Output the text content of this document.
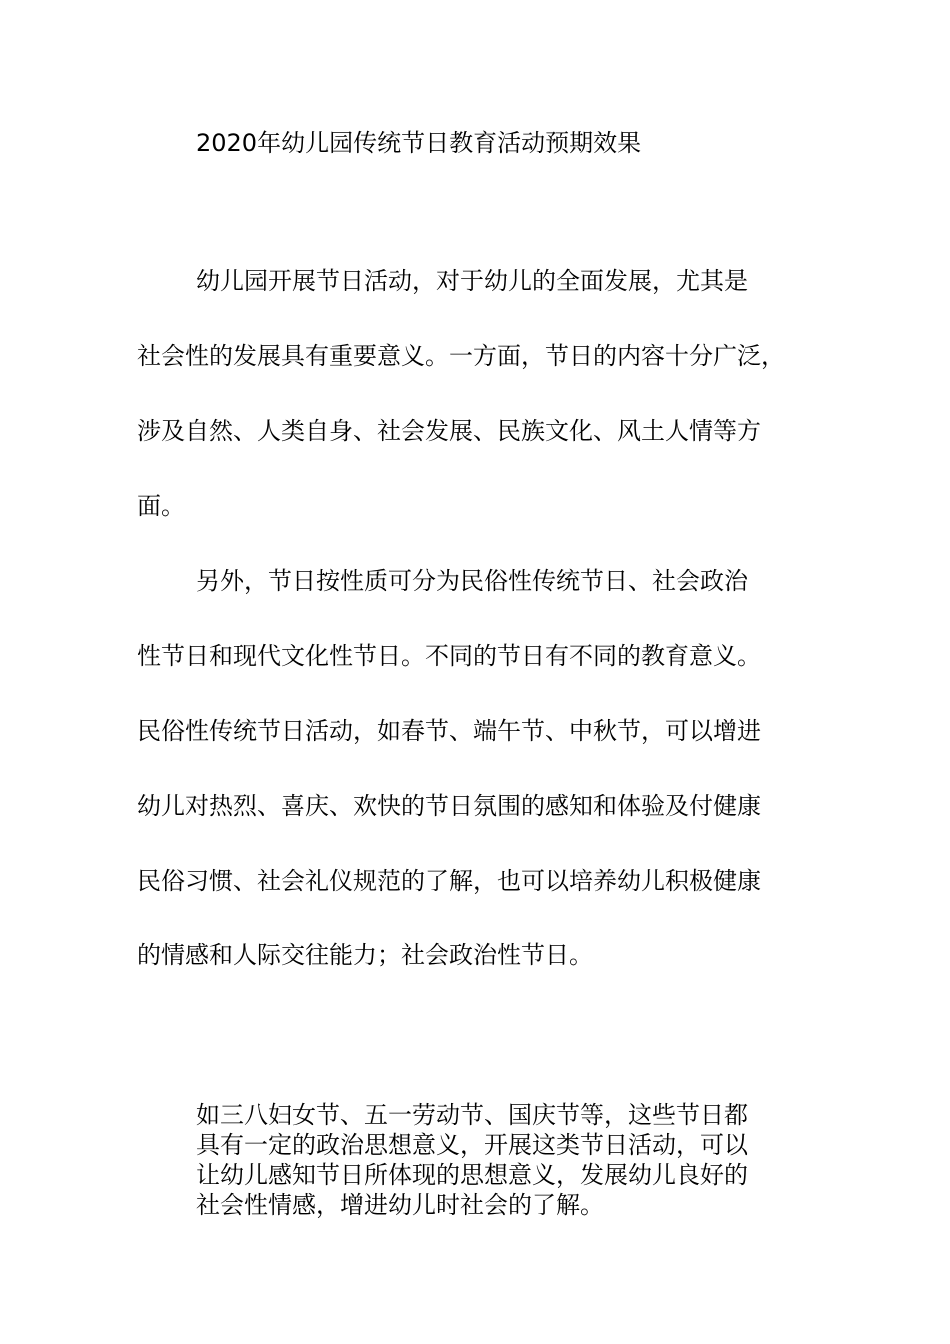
2020年幼儿园传统节日教育活动预期效果
幼儿园开展节日活动，对于幼儿的全面发展，尤其是
社会性的发展具有重要意义。一方面，节日的内容十分广泛，
涉及自然、人类自身、社会发展、民族文化、风土人情等方
面。
另外，节日按性质可分为民俗性传统节日、社会政治
性节日和现代文化性节日。不同的节日有不同的教育意义。
民俗性传统节日活动，如春节、端午节、中秋节，可以增进
幼儿对热烈、喜庆、欢快的节日氛围的感知和体验及付健康
民俗习惯、社会礼仪规范的了解，也可以培养幼儿积极健康
的情感和人际交往能力；社会政治性节日。
如三八妇女节、五一劳动节、国庆节等，这些节日都
具有一定的政治思想意义，开展这类节日活动，可以
让幼儿感知节日所体现的思想意义，发展幼儿良好的
社会性情感，增进幼儿时社会的了解。
